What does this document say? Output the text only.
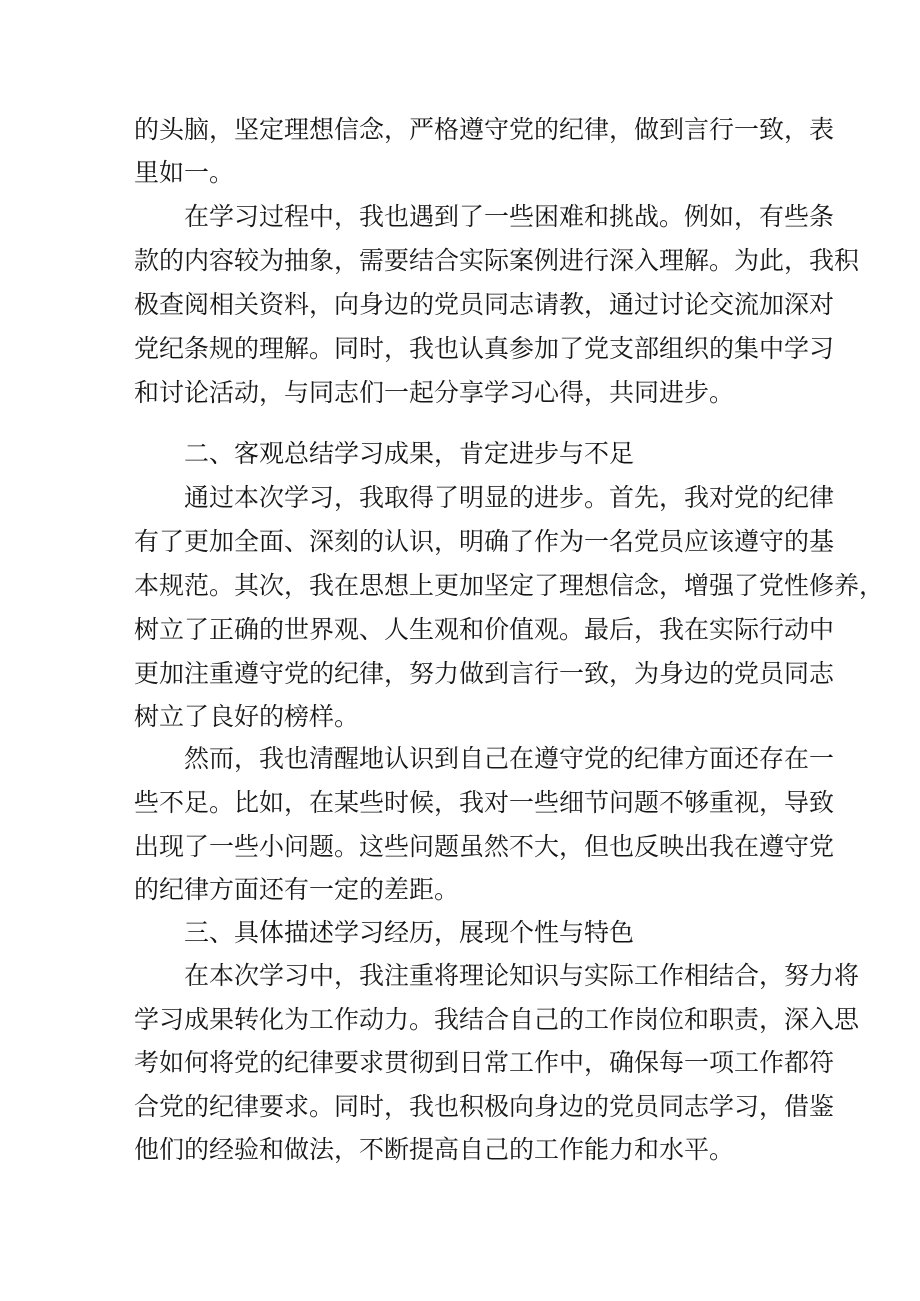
的头脑，坚定理想信念，严格遵守党的纪律，做到言行一致，表

里如一。

在学习过程中，我也遇到了一些困难和挑战。例如，有些条

款的内容较为抽象，需要结合实际案例进行深入理解。为此，我积

极查阅相关资料，向身边的党员同志请教，通过讨论交流加深对

党纪条规的理解。同时，我也认真参加了党支部组织的集中学习

和讨论活动，与同志们一起分享学习心得，共同进步。

二、客观总结学习成果，肯定进步与不足

通过本次学习，我取得了明显的进步。首先，我对党的纪律

有了更加全面、深刻的认识，明确了作为一名党员应该遵守的基

本规范。其次，我在思想上更加坚定了理想信念，增强了党性修养，

树立了正确的世界观、人生观和价值观。最后，我在实际行动中

更加注重遵守党的纪律，努力做到言行一致，为身边的党员同志

树立了良好的榜样。

然而，我也清醒地认识到自己在遵守党的纪律方面还存在一

些不足。比如，在某些时候，我对一些细节问题不够重视，导致

出现了一些小问题。这些问题虽然不大，但也反映出我在遵守党

的纪律方面还有一定的差距。

三、具体描述学习经历，展现个性与特色

在本次学习中，我注重将理论知识与实际工作相结合，努力将

学习成果转化为工作动力。我结合自己的工作岗位和职责，深入思

考如何将党的纪律要求贯彻到日常工作中，确保每一项工作都符

合党的纪律要求。同时，我也积极向身边的党员同志学习，借鉴

他们的经验和做法，不断提高自己的工作能力和水平。
